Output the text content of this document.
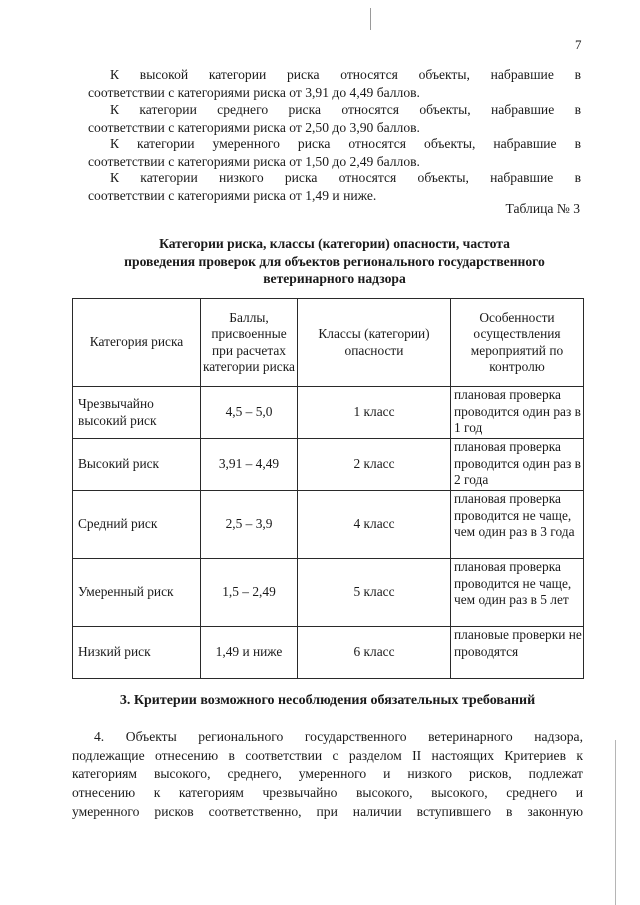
7
К высокой категории риска относятся объекты, набравшие в
соответствии с категориями риска от 3,91 до 4,49 баллов.
К категории среднего риска относятся объекты, набравшие в
соответствии с категориями риска от 2,50 до 3,90 баллов.
К категории умеренного риска относятся объекты, набравшие в
соответствии с категориями риска от 1,50 до 2,49 баллов.
К категории низкого риска относятся объекты, набравшие в
соответствии с категориями риска от 1,49 и ниже.
Таблица № 3
Категории риска, классы (категории) опасности, частота
проведения проверок для объектов регионального государственного
ветеринарного надзора
Категория риска	Баллы, присвоенные при расчетах категории риска	Классы (категории) опасности	Особенности осуществления мероприятий по контролю
Чрезвычайно высокий риск	4,5 – 5,0	1 класс	плановая проверка проводится один раз в 1 год
Высокий риск	3,91 – 4,49	2 класс	плановая проверка проводится один раз в 2 года
Средний риск	2,5 – 3,9	4 класс	плановая проверка проводится не чаще, чем один раз в 3 года
Умеренный риск	1,5 – 2,49	5 класс	плановая проверка проводится не чаще, чем один раз в 5 лет
Низкий риск	1,49 и ниже	6 класс	плановые проверки не проводятся
3. Критерии возможного несоблюдения обязательных требований
4. Объекты регионального государственного ветеринарного надзора,
подлежащие отнесению в соответствии с разделом II настоящих Критериев к
категориям высокого, среднего, умеренного и низкого рисков, подлежат
отнесению к категориям чрезвычайно высокого, высокого, среднего и
умеренного рисков соответственно, при наличии вступившего в законную
